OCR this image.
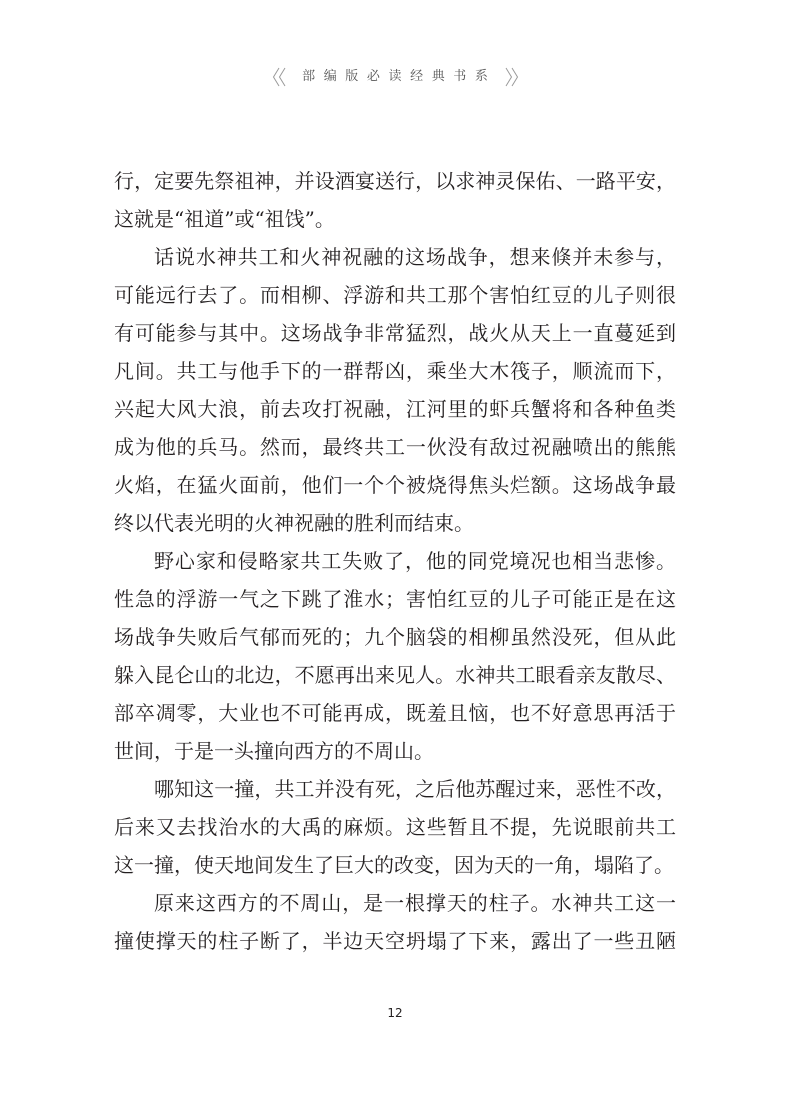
部编版必读经典书系
行，定要先祭祖神，并设酒宴送行，以求神灵保佑、一路平安，
这就是“祖道”或“祖饯”。
话说水神共工和火神祝融的这场战争，想来倏并未参与，
可能远行去了。而相柳、浮游和共工那个害怕红豆的儿子则很
有可能参与其中。这场战争非常猛烈，战火从天上一直蔓延到
凡间。共工与他手下的一群帮凶，乘坐大木筏子，顺流而下，
兴起大风大浪，前去攻打祝融，江河里的虾兵蟹将和各种鱼类
成为他的兵马。然而，最终共工一伙没有敌过祝融喷出的熊熊
火焰，在猛火面前，他们一个个被烧得焦头烂额。这场战争最
终以代表光明的火神祝融的胜利而结束。
野心家和侵略家共工失败了，他的同党境况也相当悲惨。
性急的浮游一气之下跳了淮水；害怕红豆的儿子可能正是在这
场战争失败后气郁而死的；九个脑袋的相柳虽然没死，但从此
躲入昆仑山的北边，不愿再出来见人。水神共工眼看亲友散尽、
部卒凋零，大业也不可能再成，既羞且恼，也不好意思再活于
世间，于是一头撞向西方的不周山。
哪知这一撞，共工并没有死，之后他苏醒过来，恶性不改，
后来又去找治水的大禹的麻烦。这些暂且不提，先说眼前共工
这一撞，使天地间发生了巨大的改变，因为天的一角，塌陷了。
原来这西方的不周山，是一根撑天的柱子。水神共工这一
撞使撑天的柱子断了，半边天空坍塌了下来，露出了一些丑陋
12
